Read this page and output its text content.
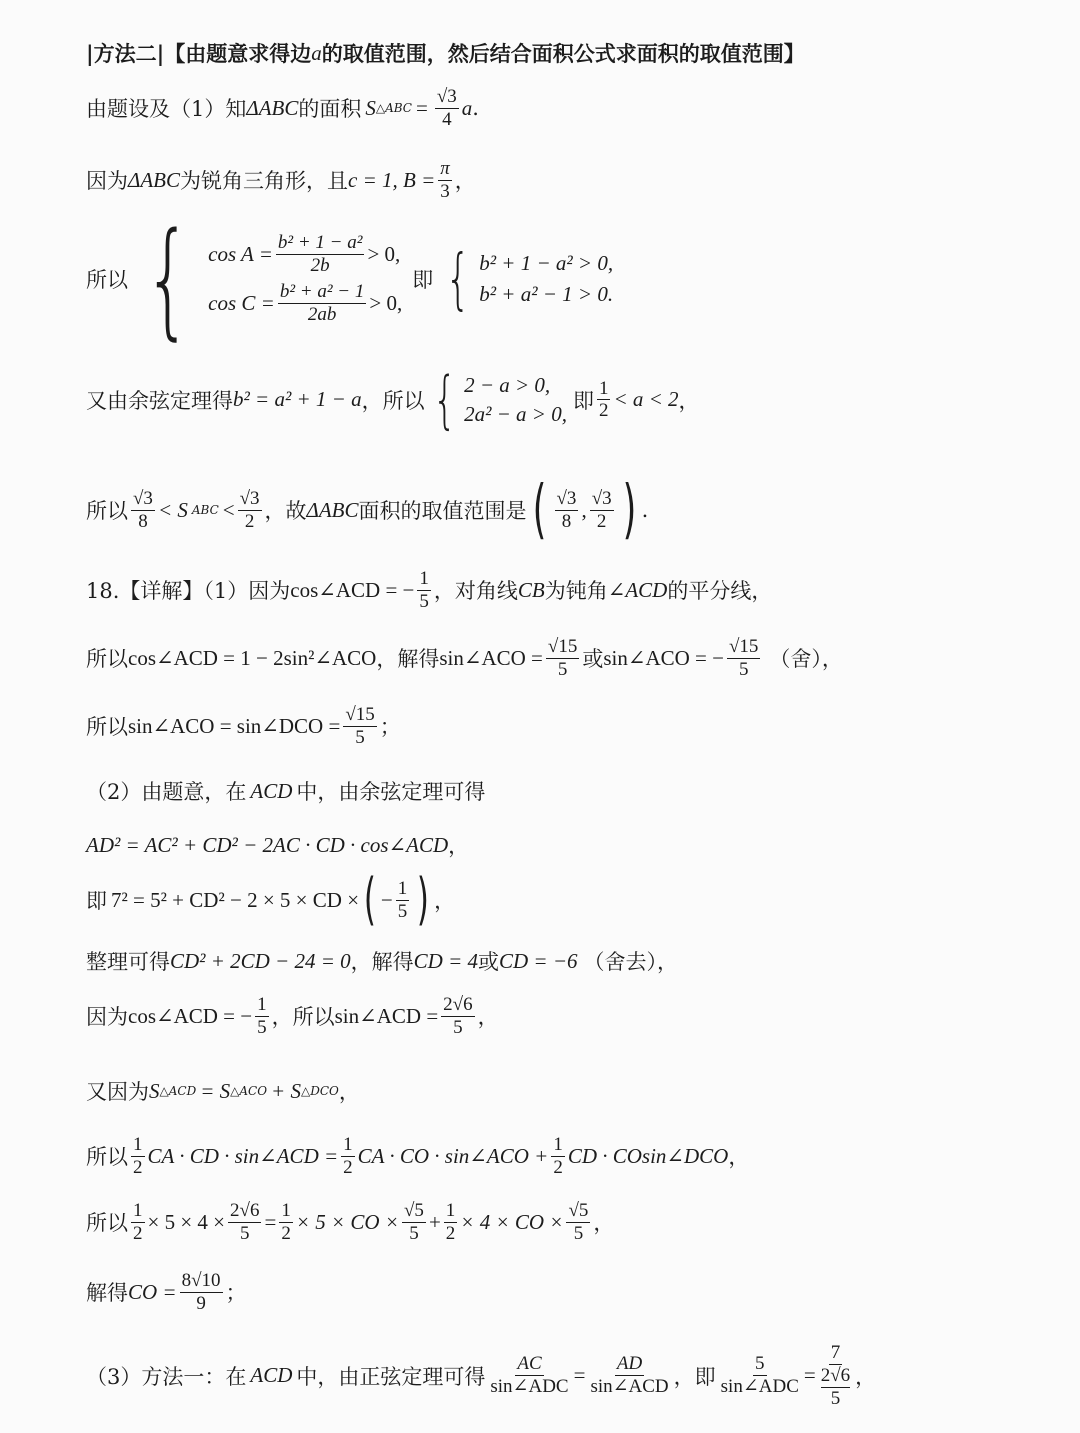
|方法二|【由题意求得边 a 的取值范围，然后结合面积公式求面积的取值范围】
由题设及（1）知 ΔABC 的面积 S △ABC = $\frac{√3}{4}$ a .
因为 ΔABC 为锐角三角形，且 c = 1, $B = \frac{\pi}{3}$ ，
所以 { $\cos A = \frac{\text{b² + 1 − a²}}{2b} > 0$,
$\cos C = \frac{\text{b² + a² − 1}}{2ab} > 0$,
即 { b² + 1 − a² > 0,
b² + a² − 1 > 0.
又由余弦定理得 b² = a² + 1 − a ，所以 { 2 − a > 0,
2a² − a > 0,
即 $\frac{1}{2} < a < 2$ ，
所以 $\frac{√3}{8} < S$ ABC < $\frac{√3}{2}$ ，故 ΔABC 面积的取值范围是 ( $\frac{√3}{8}$ , $\frac{√3}{2}$ ) .
18.【详解】（1）因为 cos∠ACD = − $\frac{1}{5}$ ，对角线 CB 为钝角 ∠ACD 的平分线，
所以 cos∠ACD = 1 − 2sin²∠ACO ，解得 sin∠ACO = $\frac{√15}{5}$ 或 sin∠ACO = − $\frac{√15}{5}$ （舍），
所以 sin∠ACO = sin∠DCO = $\frac{√15}{5}$ ；
（2）由题意，在 ACD 中，由余弦定理可得
AD² = AC² + CD² − 2AC · CD · cos∠ACD ，
即 7² = 5² + CD² − 2 × 5 × CD × ( − $\frac{1}{5}$ ) ，
整理可得 CD² + 2CD − 24 = 0 ，解得 CD = 4 或 CD = −6 （舍去），
因为 cos∠ACD = − $\frac{1}{5}$ ，所以 sin∠ACD = $\frac{2√6}{5}$ ，
又因为 S △ACD = S △ACO + S △DCO ，
所以 $\frac{1}{2}$ CA · CD · sin∠ACD = $\frac{1}{2}$ CA · CO · sin∠ACO + $\frac{1}{2}$ CD · COsin∠DCO ，
所以 $\frac{1}{2} \times 5 \times 4 \times \frac{2√6}{5} = \frac{1}{2} \times 5$ × CO × $\frac{√5}{5} + \frac{1}{2} \times 4$ × CO × $\frac{√5}{5}$ ，
解得 CO = $\frac{8√10}{9}$ ；
（3）方法一：在 ACD 中，由正弦定理可得 $\frac{AC}{\text{sin∠ADC}} = \frac{AD}{\text{sin∠ACD}}$ ，即 $\frac{5}{\text{sin∠ADC}} = 7$
2√6
5 ，
